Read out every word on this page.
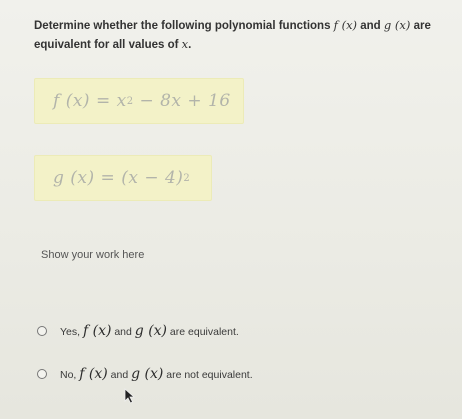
Determine whether the following polynomial functions f (x) and g (x) are equivalent for all values of x.
f (x) = x 2 − 8x + 16
g (x) = (x − 4) 2
Show your work here
Yes, f (x) and g (x) are equivalent.
No, f (x) and g (x) are not equivalent.
